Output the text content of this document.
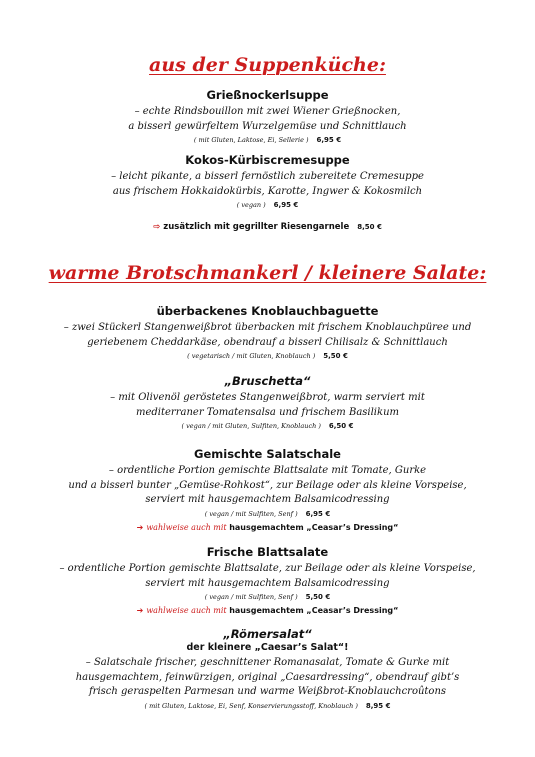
aus der Suppenküche:

Grießnockerlsuppe

– echte Rindsbouillon mit zwei Wiener Grießnocken,

a bisserl gewürfeltem Wurzelgemüse und Schnittlauch

( mit Gluten, Laktose, Ei, Sellerie ) 6,95 €

Kokos-Kürbiscremesuppe

– leicht pikante, a bisserl fernöstlich zubereitete Cremesuppe

aus frischem Hokkaidokürbis, Karotte, Ingwer & Kokosmilch

( vegan ) 6,95 €

⇨ zusätzlich mit gegrillter Riesengarnele 8,50 €
warme Brotschmankerl / kleinere Salate:

überbackenes Knoblauchbaguette

– zwei Stückerl Stangenweißbrot überbacken mit frischem Knoblauchpüree und

geriebenem Cheddarkäse, obendrauf a bisserl Chilisalz & Schnittlauch

( vegetarisch / mit Gluten, Knoblauch ) 5,50 €

„Bruschetta“

– mit Olivenöl geröstetes Stangenweißbrot, warm serviert mit

mediterraner Tomatensalsa und frischem Basilikum

( vegan / mit Gluten, Sulfiten, Knoblauch ) 6,50 €

Gemischte Salatschale

– ordentliche Portion gemischte Blattsalate mit Tomate, Gurke

und a bisserl bunter „Gemüse-Rohkost“, zur Beilage oder als kleine Vorspeise,

serviert mit hausgemachtem Balsamicodressing

( vegan / mit Sulfiten, Senf ) 6,95 €

➔ wahlweise auch mit hausgemachtem „Ceasar’s Dressing“

Frische Blattsalate

– ordentliche Portion gemischte Blattsalate, zur Beilage oder als kleine Vorspeise,

serviert mit hausgemachtem Balsamicodressing

( vegan / mit Sulfiten, Senf ) 5,50 €

➔ wahlweise auch mit hausgemachtem „Ceasar’s Dressing“

„Römersalat“

der kleinere „Caesar’s Salat“!

– Salatschale frischer, geschnittener Romanasalat, Tomate & Gurke mit

hausgemachtem, feinwürzigen, original „Caesardressing“, obendrauf gibt’s

frisch geraspelten Parmesan und warme Weißbrot-Knoblauchcroûtons

( mit Gluten, Laktose, Ei, Senf, Konservierungsstoff, Knoblauch ) 8,95 €
